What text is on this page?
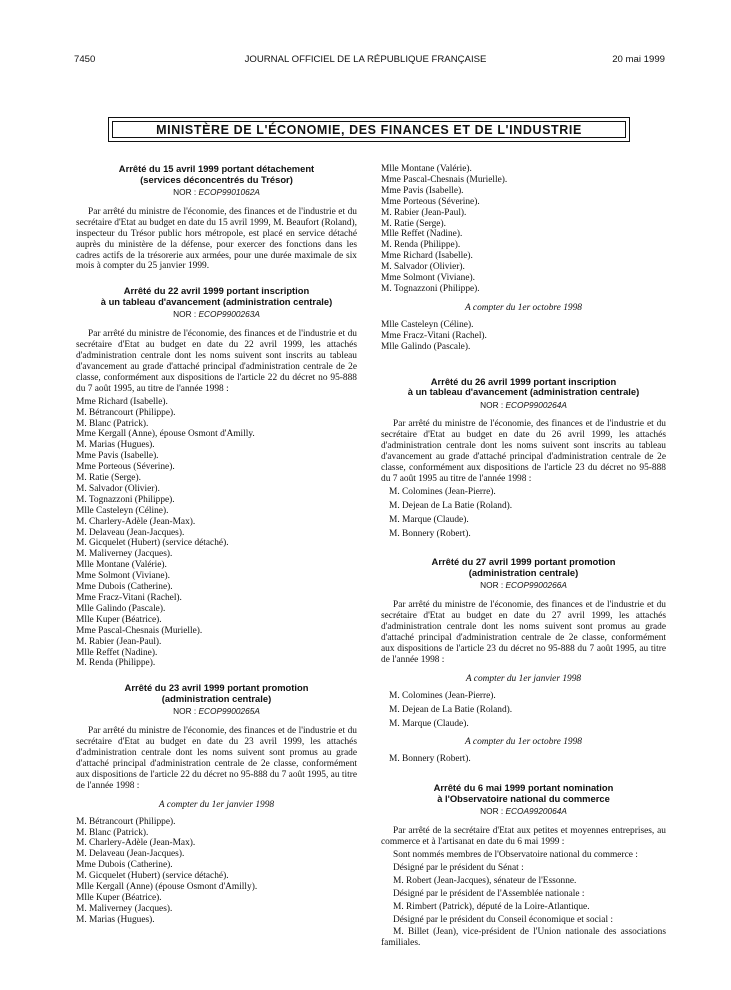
7450	JOURNAL OFFICIEL DE LA RÉPUBLIQUE FRANÇAISE	20 mai 1999
MINISTÈRE DE L'ÉCONOMIE, DES FINANCES ET DE L'INDUSTRIE

Arrêté du 15 avril 1999 portant détachement
(services déconcentrés du Trésor)

NOR : ECOP9901062A

Par arrêté du ministre de l'économie, des finances et de l'industrie et du secrétaire d'Etat au budget en date du 15 avril 1999, M. Beaufort (Roland), inspecteur du Trésor public hors métropole, est placé en service détaché auprès du ministère de la défense, pour exercer des fonctions dans les cadres actifs de la trésorerie aux armées, pour une durée maximale de six mois à compter du 25 janvier 1999.

Arrêté du 22 avril 1999 portant inscription
à un tableau d'avancement (administration centrale)

NOR : ECOP9900263A

Par arrêté du ministre de l'économie, des finances et de l'industrie et du secrétaire d'Etat au budget en date du 22 avril 1999, les attachés d'administration centrale dont les noms suivent sont inscrits au tableau d'avancement au grade d'attaché principal d'administration centrale de 2e classe, conformément aux dispositions de l'article 22 du décret no 95-888 du 7 août 1995, au titre de l'année 1998 :

Mme Richard (Isabelle).
M. Bétrancourt (Philippe).
M. Blanc (Patrick).
Mme Kergall (Anne), épouse Osmont d'Amilly.
M. Marias (Hugues).
Mme Pavis (Isabelle).
Mme Porteous (Séverine).
M. Ratie (Serge).
M. Salvador (Olivier).
M. Tognazzoni (Philippe).
Mlle Casteleyn (Céline).
M. Charlery-Adèle (Jean-Max).
M. Delaveau (Jean-Jacques).
M. Gicquelet (Hubert) (service détaché).
M. Maliverney (Jacques).
Mlle Montane (Valérie).
Mme Solmont (Viviane).
Mme Dubois (Catherine).
Mme Fracz-Vitani (Rachel).
Mlle Galindo (Pascale).
Mlle Kuper (Béatrice).
Mme Pascal-Chesnais (Murielle).
M. Rabier (Jean-Paul).
Mlle Reffet (Nadine).
M. Renda (Philippe).

Arrêté du 23 avril 1999 portant promotion
(administration centrale)

NOR : ECOP9900265A

Par arrêté du ministre de l'économie, des finances et de l'industrie et du secrétaire d'Etat au budget en date du 23 avril 1999, les attachés d'administration centrale dont les noms suivent sont promus au grade d'attaché principal d'administration centrale de 2e classe, conformément aux dispositions de l'article 22 du décret no 95-888 du 7 août 1995, au titre de l'année 1998 :

A compter du 1er janvier 1998

M. Bétrancourt (Philippe).
M. Blanc (Patrick).
M. Charlery-Adèle (Jean-Max).
M. Delaveau (Jean-Jacques).
Mme Dubois (Catherine).
M. Gicquelet (Hubert) (service détaché).
Mlle Kergall (Anne) (épouse Osmont d'Amilly).
Mlle Kuper (Béatrice).
M. Maliverney (Jacques).
M. Marias (Hugues).
Mlle Montane (Valérie).
Mme Pascal-Chesnais (Murielle).
Mme Pavis (Isabelle).
Mme Porteous (Séverine).
M. Rabier (Jean-Paul).
M. Ratie (Serge).
Mlle Reffet (Nadine).
M. Renda (Philippe).
Mme Richard (Isabelle).
M. Salvador (Olivier).
Mme Solmont (Viviane).
M. Tognazzoni (Philippe).

A compter du 1er octobre 1998

Mlle Casteleyn (Céline).
Mme Fracz-Vitani (Rachel).
Mlle Galindo (Pascale).

Arrêté du 26 avril 1999 portant inscription
à un tableau d'avancement (administration centrale)

NOR : ECOP9900264A

Par arrêté du ministre de l'économie, des finances et de l'industrie et du secrétaire d'Etat au budget en date du 26 avril 1999, les attachés d'administration centrale dont les noms suivent sont inscrits au tableau d'avancement au grade d'attaché principal d'administration centrale de 2e classe, conformément aux dispositions de l'article 23 du décret no 95-888 du 7 août 1995 au titre de l'année 1998 :

M. Colomines (Jean-Pierre).
M. Dejean de La Batie (Roland).
M. Marque (Claude).
M. Bonnery (Robert).

Arrêté du 27 avril 1999 portant promotion
(administration centrale)

NOR : ECOP9900266A

Par arrêté du ministre de l'économie, des finances et de l'industrie et du secrétaire d'Etat au budget en date du 27 avril 1999, les attachés d'administration centrale dont les noms suivent sont promus au grade d'attaché principal d'administration centrale de 2e classe, conformément aux dispositions de l'article 23 du décret no 95-888 du 7 août 1995, au titre de l'année 1998 :

A compter du 1er janvier 1998

M. Colomines (Jean-Pierre).
M. Dejean de La Batie (Roland).
M. Marque (Claude).

A compter du 1er octobre 1998

M. Bonnery (Robert).

Arrêté du 6 mai 1999 portant nomination
à l'Observatoire national du commerce

NOR : ECOA9920064A

Par arrêté de la secrétaire d'Etat aux petites et moyennes entreprises, au commerce et à l'artisanat en date du 6 mai 1999 :

Sont nommés membres de l'Observatoire national du commerce :
Désigné par le président du Sénat :
M. Robert (Jean-Jacques), sénateur de l'Essonne.
Désigné par le président de l'Assemblée nationale :
M. Rimbert (Patrick), député de la Loire-Atlantique.
Désigné par le président du Conseil économique et social :
M. Billet (Jean), vice-président de l'Union nationale des associations familiales.
